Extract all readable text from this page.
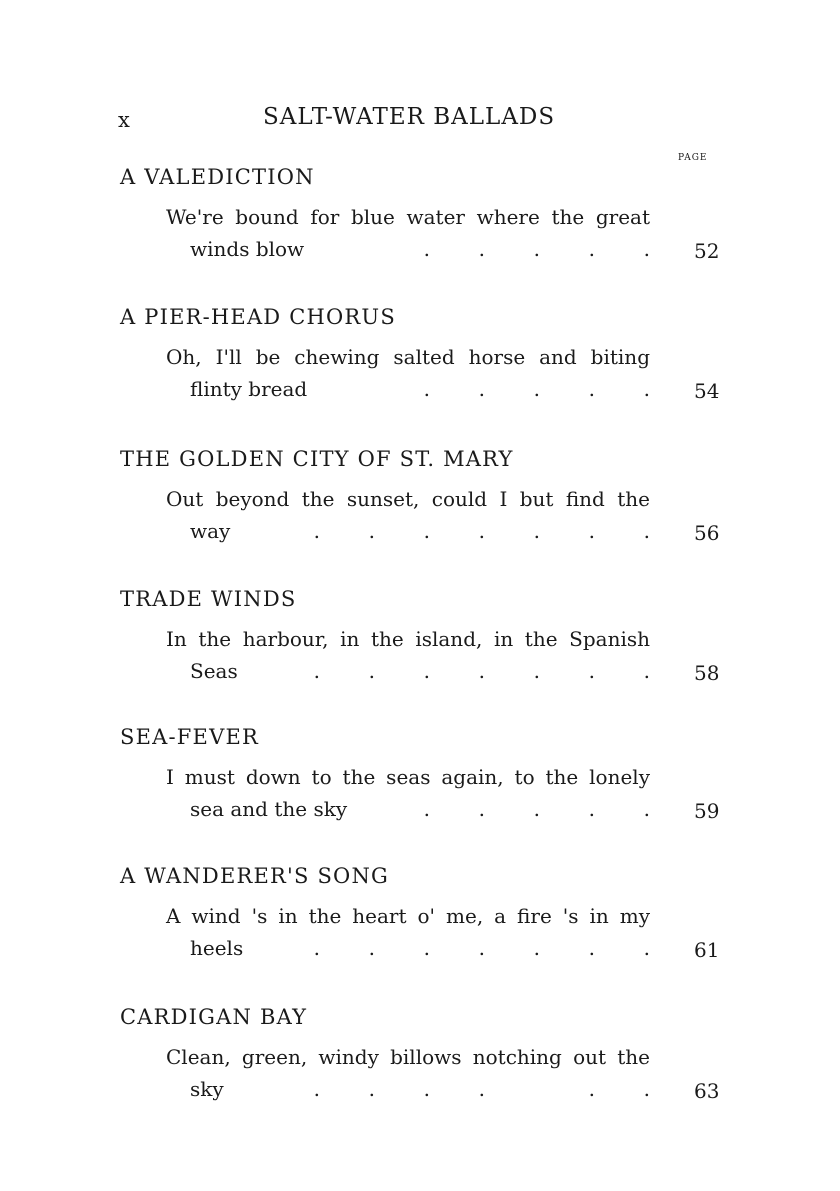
x	SALT-WATER BALLADS
PAGE
A VALEDICTION
We're bound for blue water where the great
winds blow	. . . . . 52
A PIER-HEAD CHORUS
Oh, I'll be chewing salted horse and biting
flinty bread	. . . . . 54
THE GOLDEN CITY OF ST. MARY
Out beyond the sunset, could I but find the
way	. . . . . . . 56
TRADE WINDS
In the harbour, in the island, in the Spanish
Seas	. . . . . . . 58
SEA-FEVER
I must down to the seas again, to the lonely
sea and the sky	. . . . . 59
A WANDERER'S SONG
A wind 's in the heart o' me, a fire 's in my
heels	. . . . . . . 61
CARDIGAN BAY
Clean, green, windy billows notching out the
sky	. . . .	. . 63
